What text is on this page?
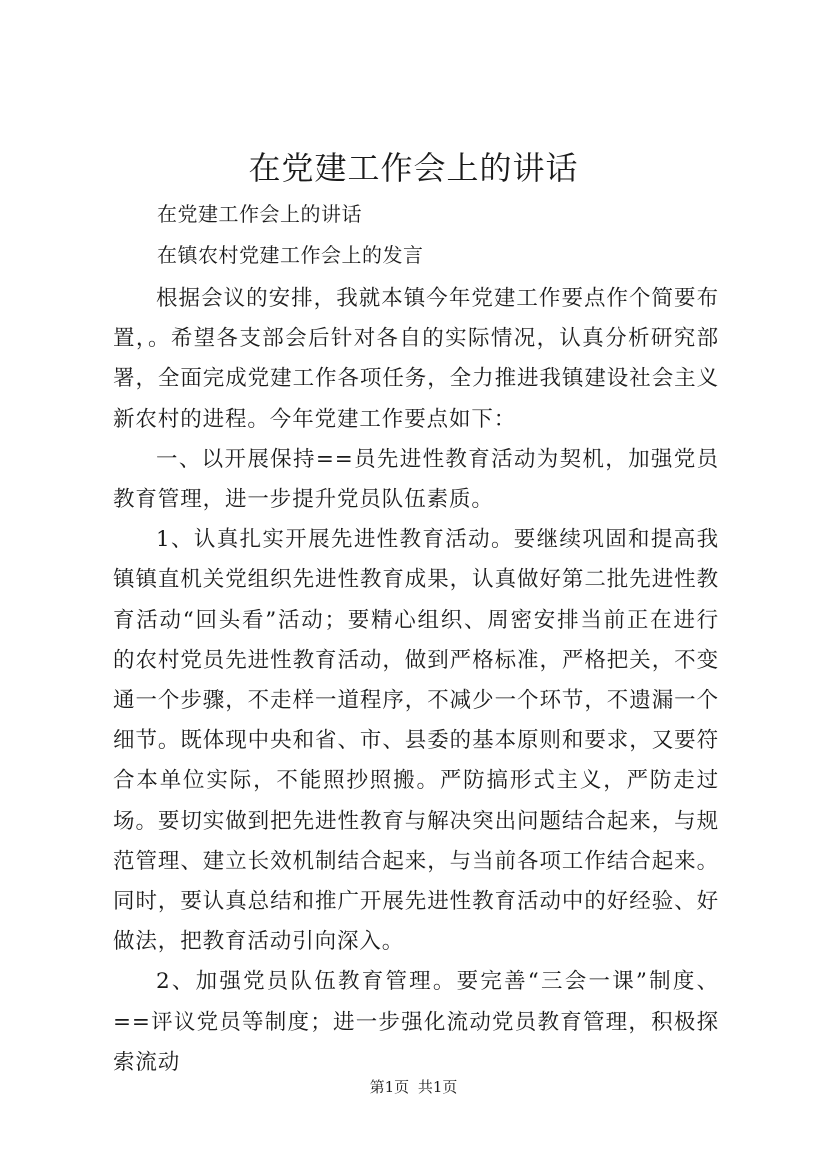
在党建工作会上的讲话

在党建工作会上的讲话

在镇农村党建工作会上的发言

根据会议的安排，我就本镇今年党建工作要点作个简要布置，。希望各支部会后针对各自的实际情况，认真分析研究部署，全面完成党建工作各项任务，全力推进我镇建设社会主义新农村的进程。今年党建工作要点如下：

一、以开展保持==员先进性教育活动为契机，加强党员教育管理，进一步提升党员队伍素质。

1、认真扎实开展先进性教育活动。要继续巩固和提高我镇镇直机关党组织先进性教育成果，认真做好第二批先进性教育活动“回头看”活动；要精心组织、周密安排当前正在进行的农村党员先进性教育活动，做到严格标准，严格把关，不变通一个步骤，不走样一道程序，不减少一个环节，不遗漏一个细节。既体现中央和省、市、县委的基本原则和要求，又要符合本单位实际，不能照抄照搬。严防搞形式主义，严防走过场。要切实做到把先进性教育与解决突出问题结合起来，与规范管理、建立长效机制结合起来，与当前各项工作结合起来。同时，要认真总结和推广开展先进性教育活动中的好经验、好做法，把教育活动引向深入。

2、加强党员队伍教育管理。要完善“三会一课”制度、==评议党员等制度；进一步强化流动党员教育管理，积极探索流动

第1页 共1页
